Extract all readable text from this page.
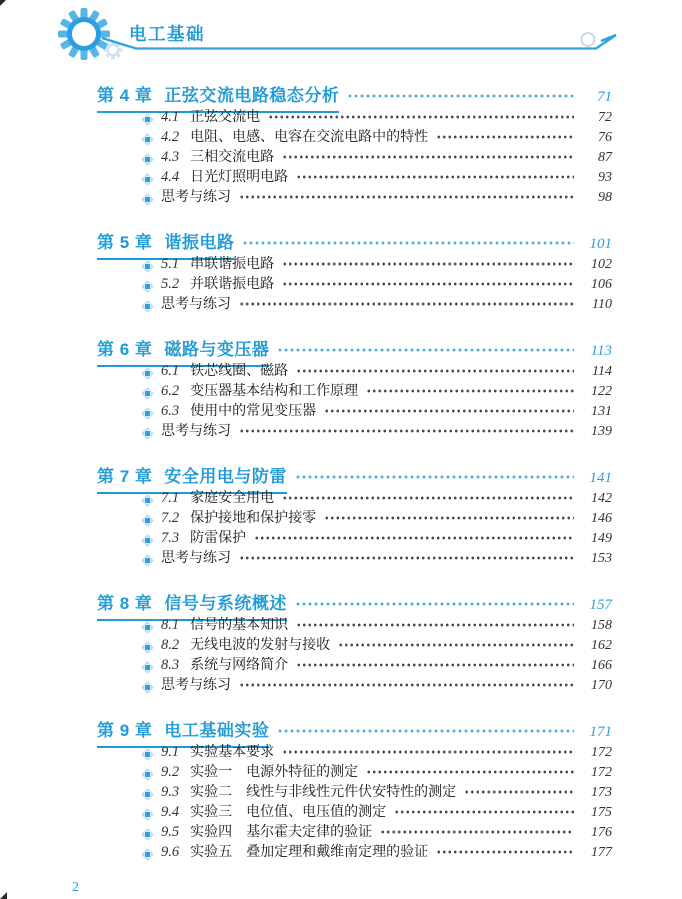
电工基础
第 4 章 正弦交流电路稳态分析	71
4.1 正弦交流电	72
4.2 电阻、电感、电容在交流电路中的特性	76
4.3 三相交流电路	87
4.4 日光灯照明电路	93
思考与练习	98
第 5 章 谐振电路	101
5.1 串联谐振电路	102
5.2 并联谐振电路	106
思考与练习	110
第 6 章 磁路与变压器	113
6.1 铁芯线圈、磁路	114
6.2 变压器基本结构和工作原理	122
6.3 使用中的常见变压器	131
思考与练习	139
第 7 章 安全用电与防雷	141
7.1 家庭安全用电	142
7.2 保护接地和保护接零	146
7.3 防雷保护	149
思考与练习	153
第 8 章 信号与系统概述	157
8.1 信号的基本知识	158
8.2 无线电波的发射与接收	162
8.3 系统与网络简介	166
思考与练习	170
第 9 章 电工基础实验	171
9.1 实验基本要求	172
9.2 实验一　电源外特征的测定	172
9.3 实验二　线性与非线性元件伏安特性的测定	173
9.4 实验三　电位值、电压值的测定	175
9.5 实验四　基尔霍夫定律的验证	176
9.6 实验五　叠加定理和戴维南定理的验证	177
2
